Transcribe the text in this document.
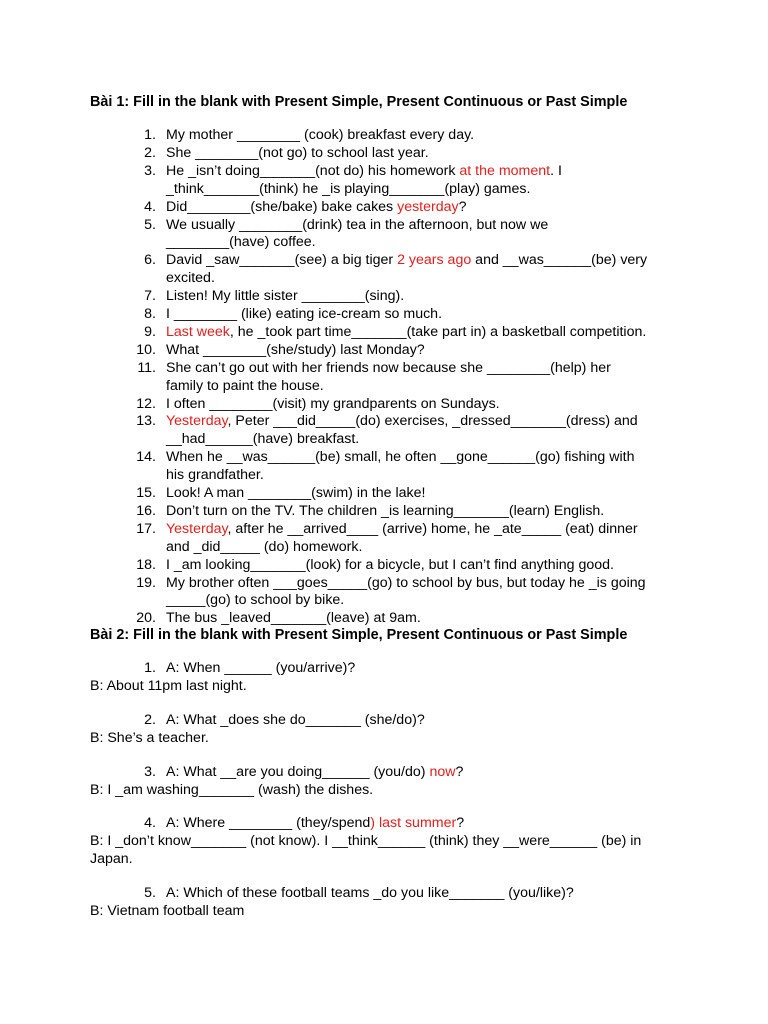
Bài 1: Fill in the blank with Present Simple, Present Continuous or Past Simple
1. My mother ________ (cook) breakfast every day.
2. She ________(not go) to school last year.
3. He _isn’t doing_______(not do) his homework at the moment. I
_think_______(think) he _is playing_______(play) games.
4. Did________(she/bake) bake cakes yesterday?
5. We usually ________(drink) tea in the afternoon, but now we
________(have) coffee.
6. David _saw_______(see) a big tiger 2 years ago and __was______(be) very
excited.
7. Listen! My little sister ________(sing).
8. I ________ (like) eating ice-cream so much.
9. Last week, he _took part time_______(take part in) a basketball competition.
10. What ________(she/study) last Monday?
11. She can’t go out with her friends now because she ________(help) her
family to paint the house.
12. I often ________(visit) my grandparents on Sundays.
13. Yesterday, Peter ___did_____(do) exercises, _dressed_______(dress) and
__had______(have) breakfast.
14. When he __was______(be) small, he often __gone______(go) fishing with
his grandfather.
15. Look! A man ________(swim) in the lake!
16. Don’t turn on the TV. The children _is learning_______(learn) English.
17. Yesterday, after he __arrived____ (arrive) home, he _ate_____ (eat) dinner
and _did_____ (do) homework.
18. I _am looking_______(look) for a bicycle, but I can’t find anything good.
19. My brother often ___goes_____(go) to school by bus, but today he _is going
_____(go) to school by bike.
20. The bus _leaved_______(leave) at 9am.
Bài 2: Fill in the blank with Present Simple, Present Continuous or Past Simple
1. A: When ______ (you/arrive)?
B: About 11pm last night.
2. A: What _does she do_______ (she/do)?
B: She’s a teacher.
3. A: What __are you doing______ (you/do) now?
B: I _am washing_______ (wash) the dishes.
4. A: Where ________ (they/spend) last summer?
B: I _don’t know_______ (not know). I __think______ (think) they __were______ (be) in
Japan.
5. A: Which of these football teams _do you like_______ (you/like)?
B: Vietnam football team
